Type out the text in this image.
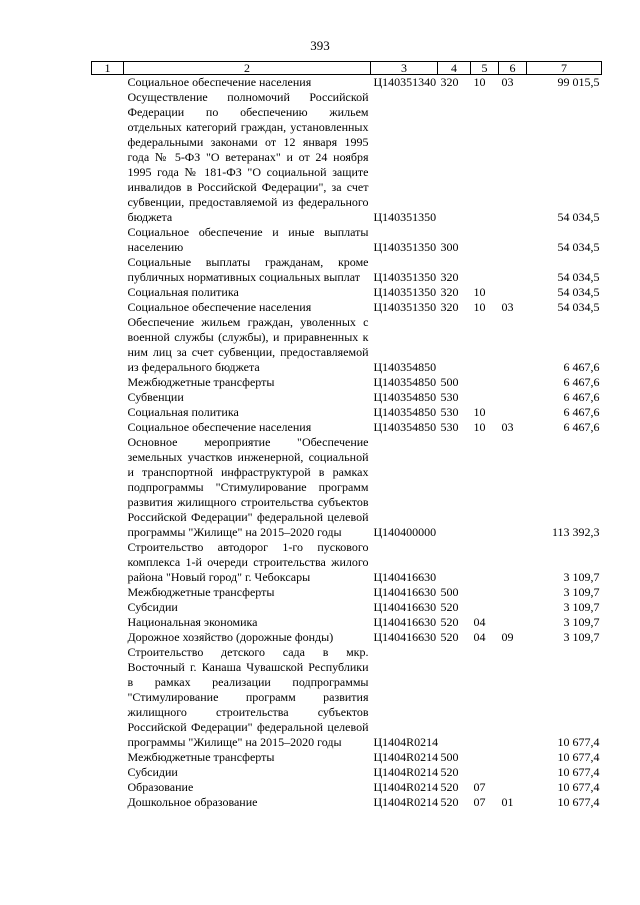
393
1	2	3	4	5	6	7
	Социальное обеспечение населения	Ц140351340	320	10	03	99 015,5
	Осуществление полномочий Российской Федерации по обеспечению жильем отдельных категорий граждан, установленных федеральными законами от 12 января 1995 года № 5-ФЗ "О ветеранах" и от 24 ноября 1995 года № 181-ФЗ "О социальной защите инвалидов в Российской Федерации", за счет субвенции, предоставляемой из федерального бюджета	Ц140351350				54 034,5
	Социальное обеспечение и иные выплаты населению	Ц140351350	300			54 034,5
	Социальные выплаты гражданам, кроме публичных нормативных социальных выплат	Ц140351350	320			54 034,5
	Социальная политика	Ц140351350	320	10		54 034,5
	Социальное обеспечение населения	Ц140351350	320	10	03	54 034,5
	Обеспечение жильем граждан, уволенных с военной службы (службы), и приравненных к ним лиц за счет субвенции, предоставляемой из федерального бюджета	Ц140354850				6 467,6
	Межбюджетные трансферты	Ц140354850	500			6 467,6
	Субвенции	Ц140354850	530			6 467,6
	Социальная политика	Ц140354850	530	10		6 467,6
	Социальное обеспечение населения	Ц140354850	530	10	03	6 467,6
	Основное мероприятие "Обеспечение земельных участков инженерной, социальной и транспортной инфраструктурой в рамках подпрограммы "Стимулирование программ развития жилищного строительства субъектов Российской Федерации" федеральной целевой программы "Жилище" на 2015–2020 годы	Ц140400000				113 392,3
	Строительство автодорог 1-го пускового комплекса 1-й очереди строительства жилого района "Новый город" г. Чебоксары	Ц140416630				3 109,7
	Межбюджетные трансферты	Ц140416630	500			3 109,7
	Субсидии	Ц140416630	520			3 109,7
	Национальная экономика	Ц140416630	520	04		3 109,7
	Дорожное хозяйство (дорожные фонды)	Ц140416630	520	04	09	3 109,7
	Строительство детского сада в мкр. Восточный г. Канаша Чувашской Республики в рамках реализации подпрограммы "Стимулирование программ развития жилищного строительства субъектов Российской Федерации" федеральной целевой программы "Жилище" на 2015–2020 годы	Ц1404R0214				10 677,4
	Межбюджетные трансферты	Ц1404R0214	500			10 677,4
	Субсидии	Ц1404R0214	520			10 677,4
	Образование	Ц1404R0214	520	07		10 677,4
	Дошкольное образование	Ц1404R0214	520	07	01	10 677,4
